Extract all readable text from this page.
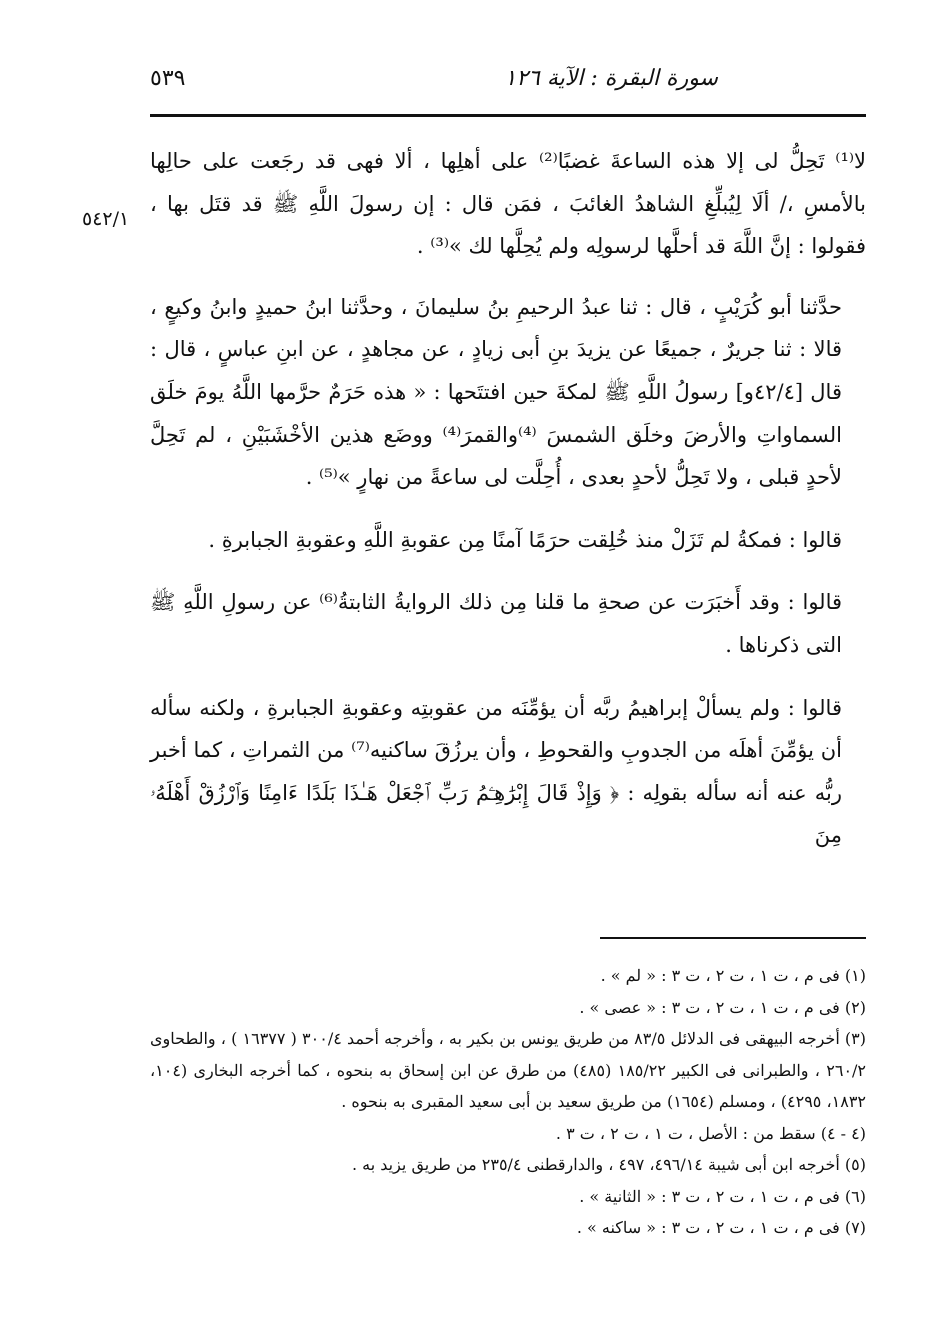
سورة البقرة : الآية ١٢٦
٥٣٩
٥٤٢/١

لا⁽¹⁾ تَحِلُّ لى إلا هذه الساعةَ غضبًا⁽²⁾ على أهلِها ، ألا فهى قد رجَعت على حالِها بالأمسِ ،/ ألَا لِيُبلِّغِ الشاهدُ الغائبَ ، فمَن قال : إن رسولَ اللَّهِ ﷺ قد قتَل بها ، فقولوا : إنَّ اللَّهَ قد أحلَّها لرسولِه ولم يُحِلَّها لك »⁽³⁾ .

حدَّثنا أبو كُرَيْبٍ ، قال : ثنا عبدُ الرحيمِ بنُ سليمانَ ، وحدَّثنا ابنُ حميدٍ وابنُ وكيعٍ ، قالا : ثنا جريرٌ ، جميعًا عن يزيدَ بنِ أبى زيادٍ ، عن مجاهدٍ ، عن ابنِ عباسٍ ، قال : قال [٤٢/٤و] رسولُ اللَّهِ ﷺ لمكةَ حين افتتَحها : « هذه حَرَمٌ حرَّمها اللَّهُ يومَ خلَق السماواتِ والأرضَ وخلَق الشمسَ ⁽⁴⁾والقمرَ⁽⁴⁾ ووضَع هذين الأخْشَبَيْنِ ، لم تَحِلَّ لأحدٍ قبلى ، ولا تَحِلُّ لأحدٍ بعدى ، أُحِلَّت لى ساعةً من نهارٍ »⁽⁵⁾ .

قالوا : فمكةُ لم تَزَلْ منذ خُلِقت حرَمًا آمنًا مِن عقوبةِ اللَّهِ وعقوبةِ الجبابرةِ .

قالوا : وقد أَخبَرَت عن صحةِ ما قلنا مِن ذلك الروايةُ الثابتةُ⁽⁶⁾ عن رسولِ اللَّهِ ﷺ التى ذكرناها .

قالوا : ولم يسألْ إبراهيمُ ربَّه أن يؤمِّنَه من عقوبتِه وعقوبةِ الجبابرةِ ، ولكنه سأله أن يؤمِّنَ أهلَه من الجدوبِ والقحوطِ ، وأن يرزُقَ ساكنيه⁽⁷⁾ من الثمراتِ ، كما أخبر ربُّه عنه أنه سأله بقولِه : ﴿ وَإِذْ قَالَ إِبْرَٰهِـۧمُ رَبِّ ٱجْعَلْ هَـٰذَا بَلَدًا ءَامِنًا وَٱرْزُقْ أَهْلَهُۥ مِنَ

(١) فى م ، ت ١ ، ت ٢ ، ت ٣ : « لم » .
(٢) فى م ، ت ١ ، ت ٢ ، ت ٣ : « عصى » .
(٣) أخرجه البيهقى فى الدلائل ٨٣/٥ من طريق يونس بن بكير به ، وأخرجه أحمد ٣٠٠/٤ ( ١٦٣٧٧ ) ، والطحاوى ٢٦٠/٢ ، والطبرانى فى الكبير ١٨٥/٢٢ (٤٨٥) من طرق عن ابن إسحاق به بنحوه ، كما أخرجه البخارى (١٠٤، ١٨٣٢، ٤٢٩٥) ، ومسلم (١٦٥٤) من طريق سعيد بن أبى سعيد المقبرى به بنحوه .
(٤ - ٤) سقط من : الأصل ، ت ١ ، ت ٢ ، ت ٣ .
(٥) أخرجه ابن أبى شيبة ٤٩٦/١٤، ٤٩٧ ، والدارقطنى ٢٣٥/٤ من طريق يزيد به .
(٦) فى م ، ت ١ ، ت ٢ ، ت ٣ : « الثانية » .
(٧) فى م ، ت ١ ، ت ٢ ، ت ٣ : « ساكنه » .
